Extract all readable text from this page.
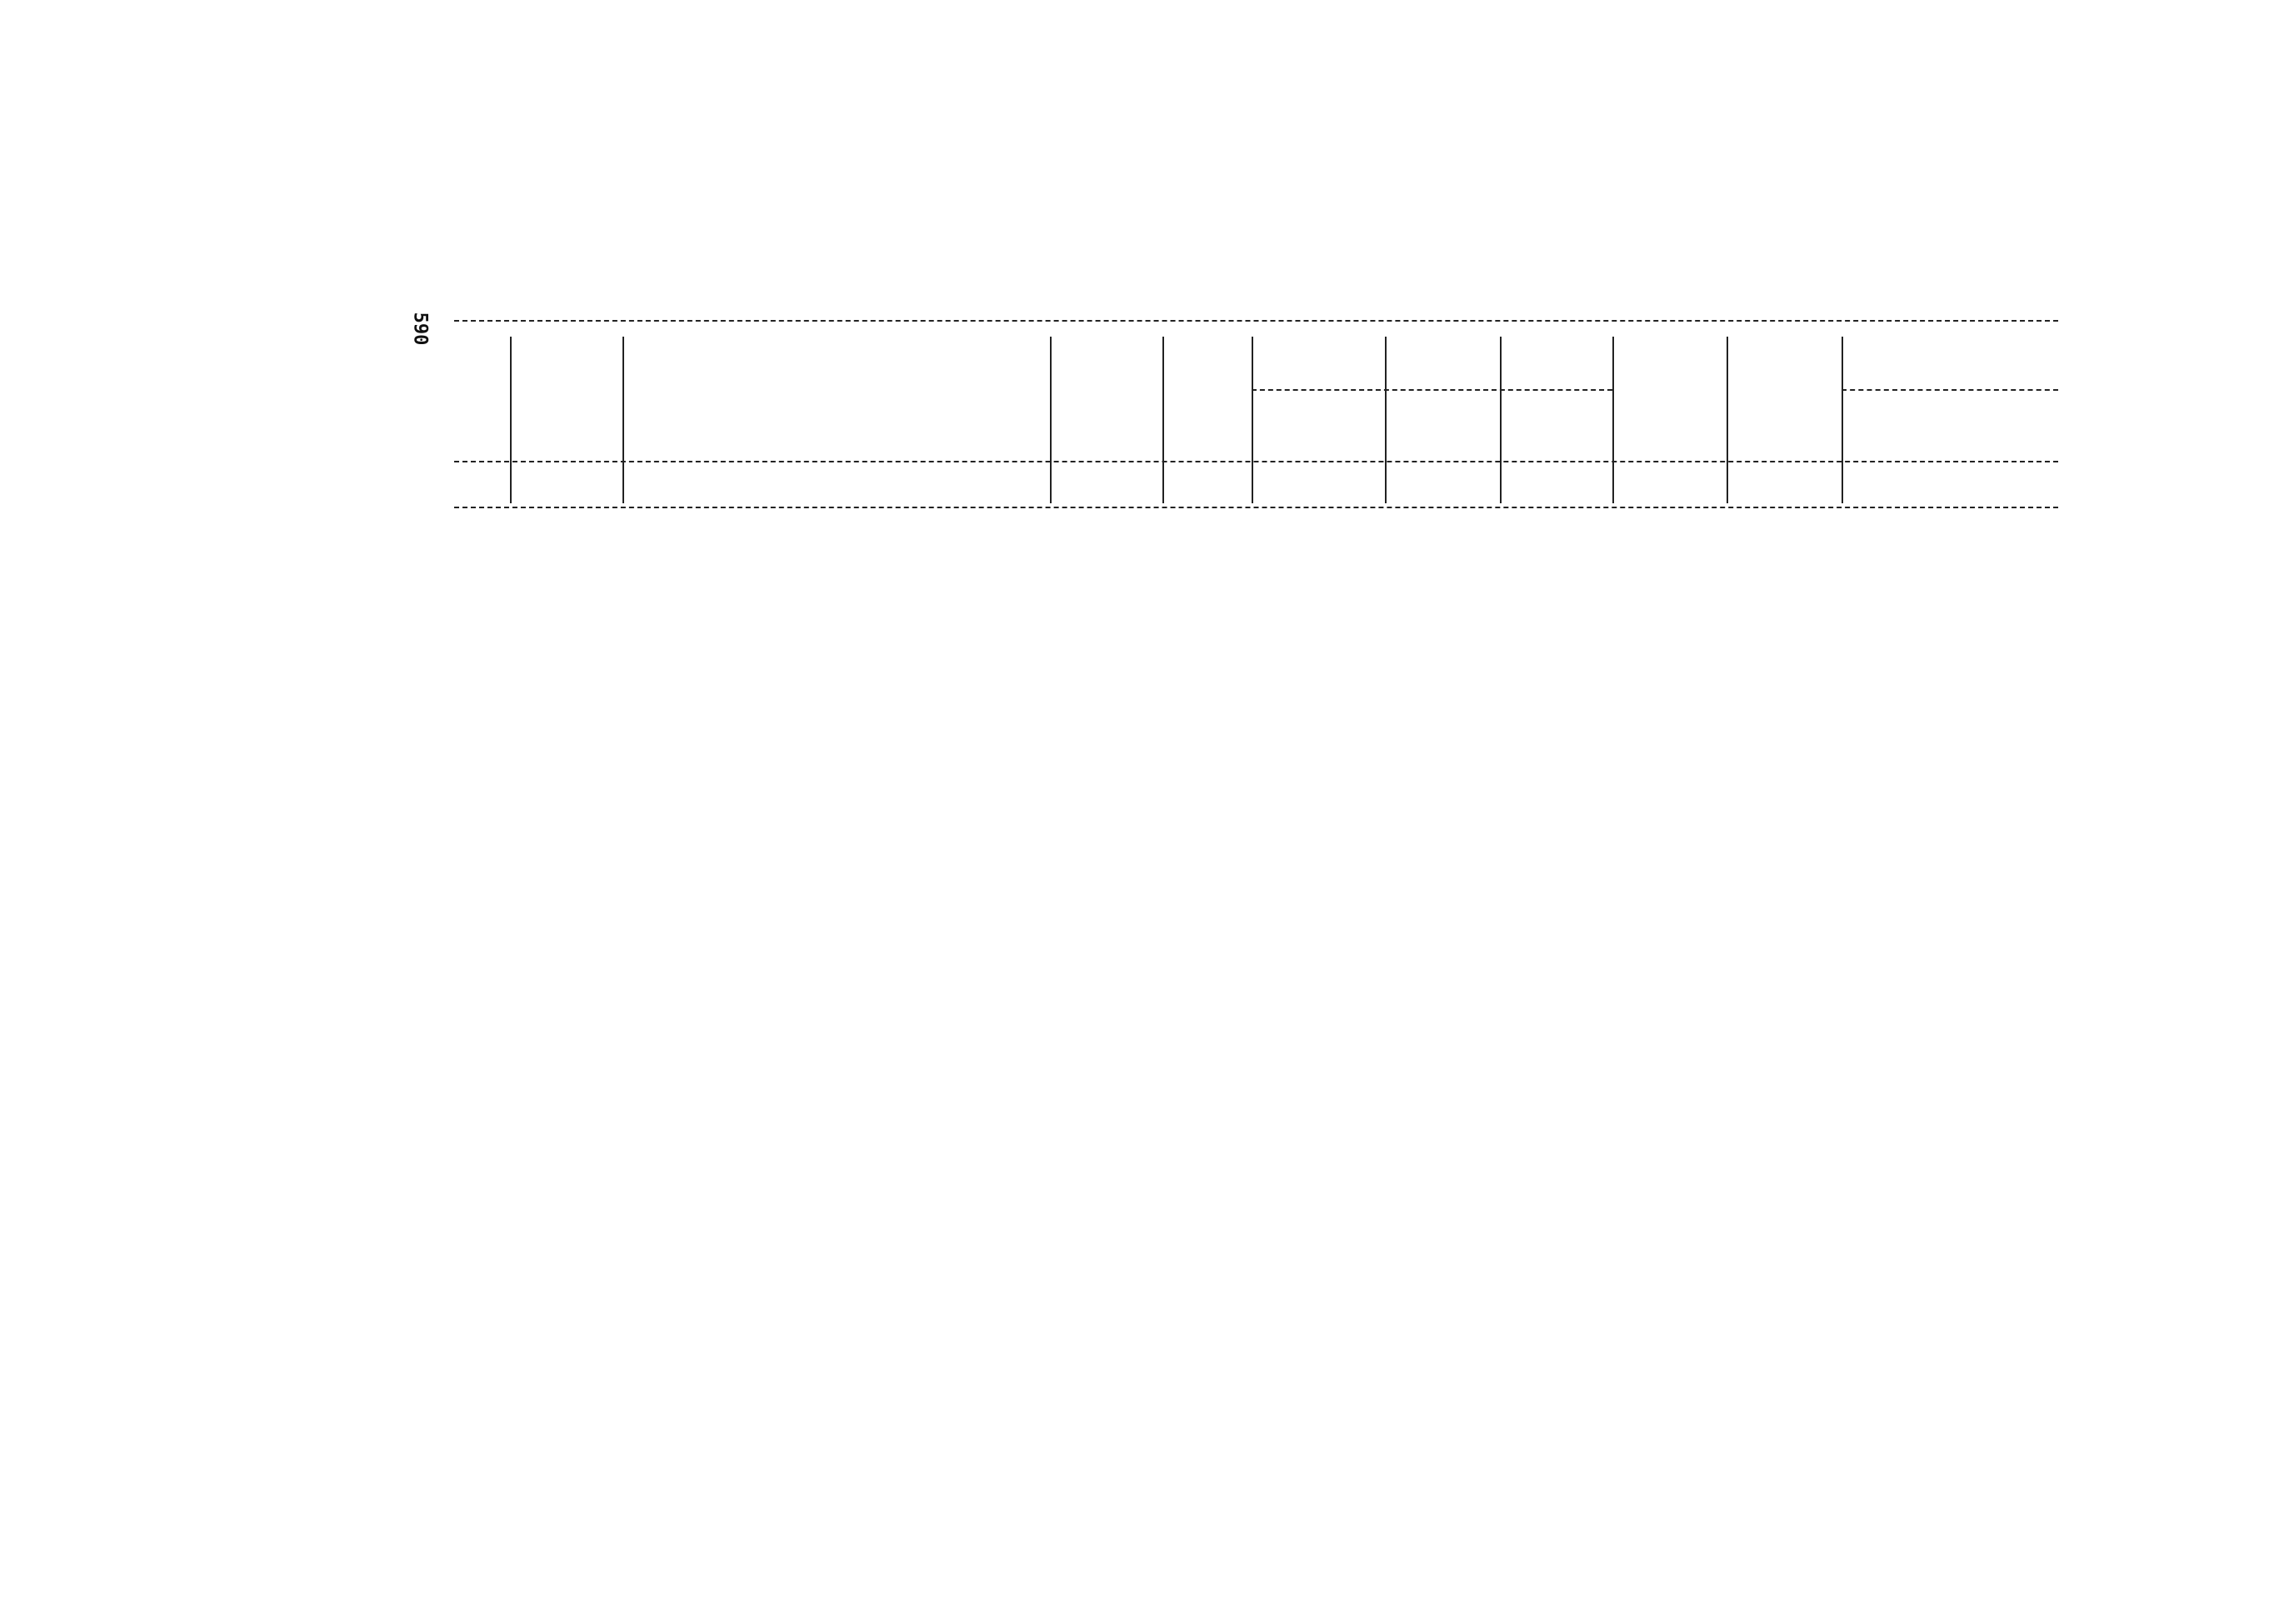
590
